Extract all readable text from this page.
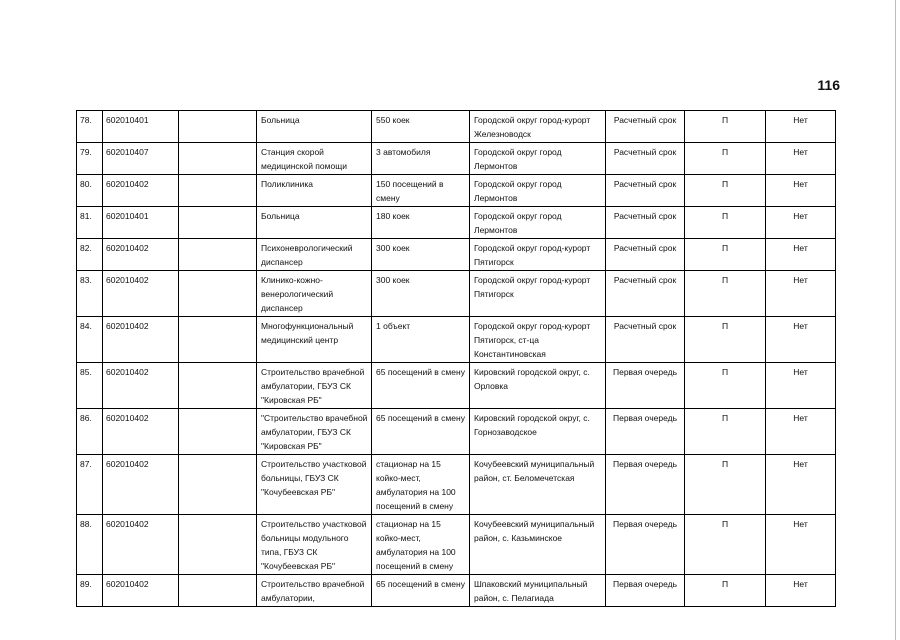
116
78.	602010401		Больница	550 коек	Городской округ город-курорт Железноводск	Расчетный срок	П	Нет
79.	602010407		Станция скорой медицинской помощи	3 автомобиля	Городской округ город Лермонтов	Расчетный срок	П	Нет
80.	602010402		Поликлиника	150 посещений в смену	Городской округ город Лермонтов	Расчетный срок	П	Нет
81.	602010401		Больница	180 коек	Городской округ город Лермонтов	Расчетный срок	П	Нет
82.	602010402		Психоневрологический диспансер	300 коек	Городской округ город-курорт Пятигорск	Расчетный срок	П	Нет
83.	602010402		Клинико-кожно-венерологический диспансер	300 коек	Городской округ город-курорт Пятигорск	Расчетный срок	П	Нет
84.	602010402		Многофункциональный медицинский центр	1 объект	Городской округ город-курорт Пятигорск, ст-ца Константиновская	Расчетный срок	П	Нет
85.	602010402		Строительство врачебной амбулатории, ГБУЗ СК "Кировская РБ"	65 посещений в смену	Кировский городской округ, с. Орловка	Первая очередь	П	Нет
86.	602010402		"Строительство врачебной амбулатории, ГБУЗ СК "Кировская РБ"	65 посещений в смену	Кировский городской округ, с. Горнозаводское	Первая очередь	П	Нет
87.	602010402		Строительство участковой больницы, ГБУЗ СК "Кочубеевская РБ"	стационар на 15 койко-мест, амбулатория на 100 посещений в смену	Кочубеевский муниципальный район, ст. Беломечетская	Первая очередь	П	Нет
88.	602010402		Строительство участковой больницы модульного типа, ГБУЗ СК "Кочубеевская РБ"	стационар на 15 койко-мест, амбулатория на 100 посещений в смену	Кочубеевский муниципальный район, с. Казьминское	Первая очередь	П	Нет
89.	602010402		Строительство врачебной амбулатории,	65 посещений в смену	Шпаковский муниципальный район, с. Пелагиада	Первая очередь	П	Нет
